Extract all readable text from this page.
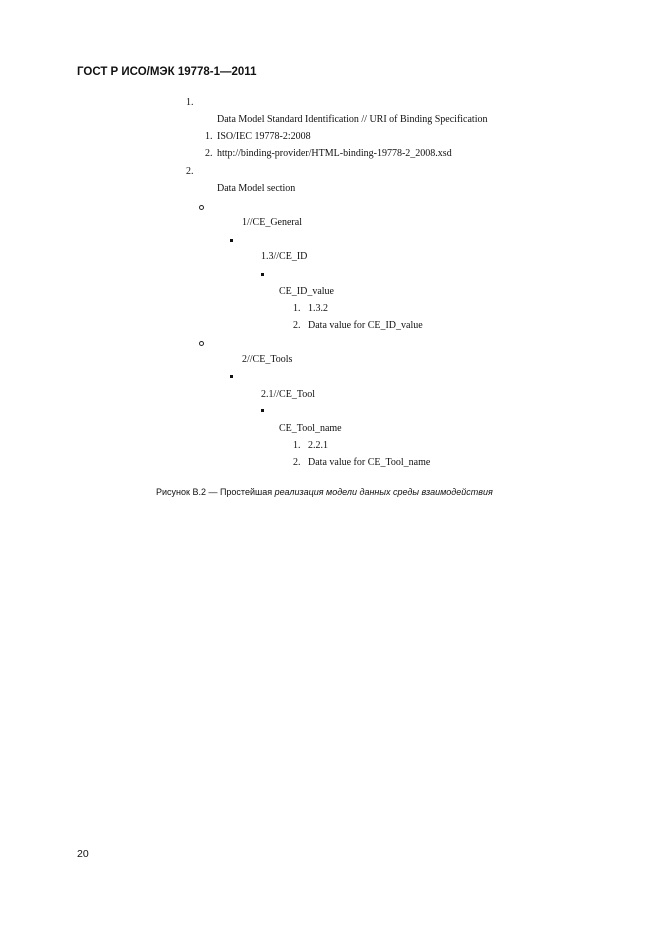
ГОСТ Р ИСО/МЭК 19778-1—2011
1.
Data Model Standard Identification // URI of Binding Specification
1. ISO/IEC 19778-2:2008
2. http://binding-provider/HTML-binding-19778-2_2008.xsd
2.
Data Model section
1//CE_General
1.3//CE_ID
CE_ID_value
1. 1.3.2
2. Data value for CE_ID_value
2//CE_Tools
2.1//CE_Tool
CE_Tool_name
1. 2.2.1
2. Data value for CE_Tool_name
Рисунок B.2 — Простейшая реализация модели данных среды взаимодействия
20
